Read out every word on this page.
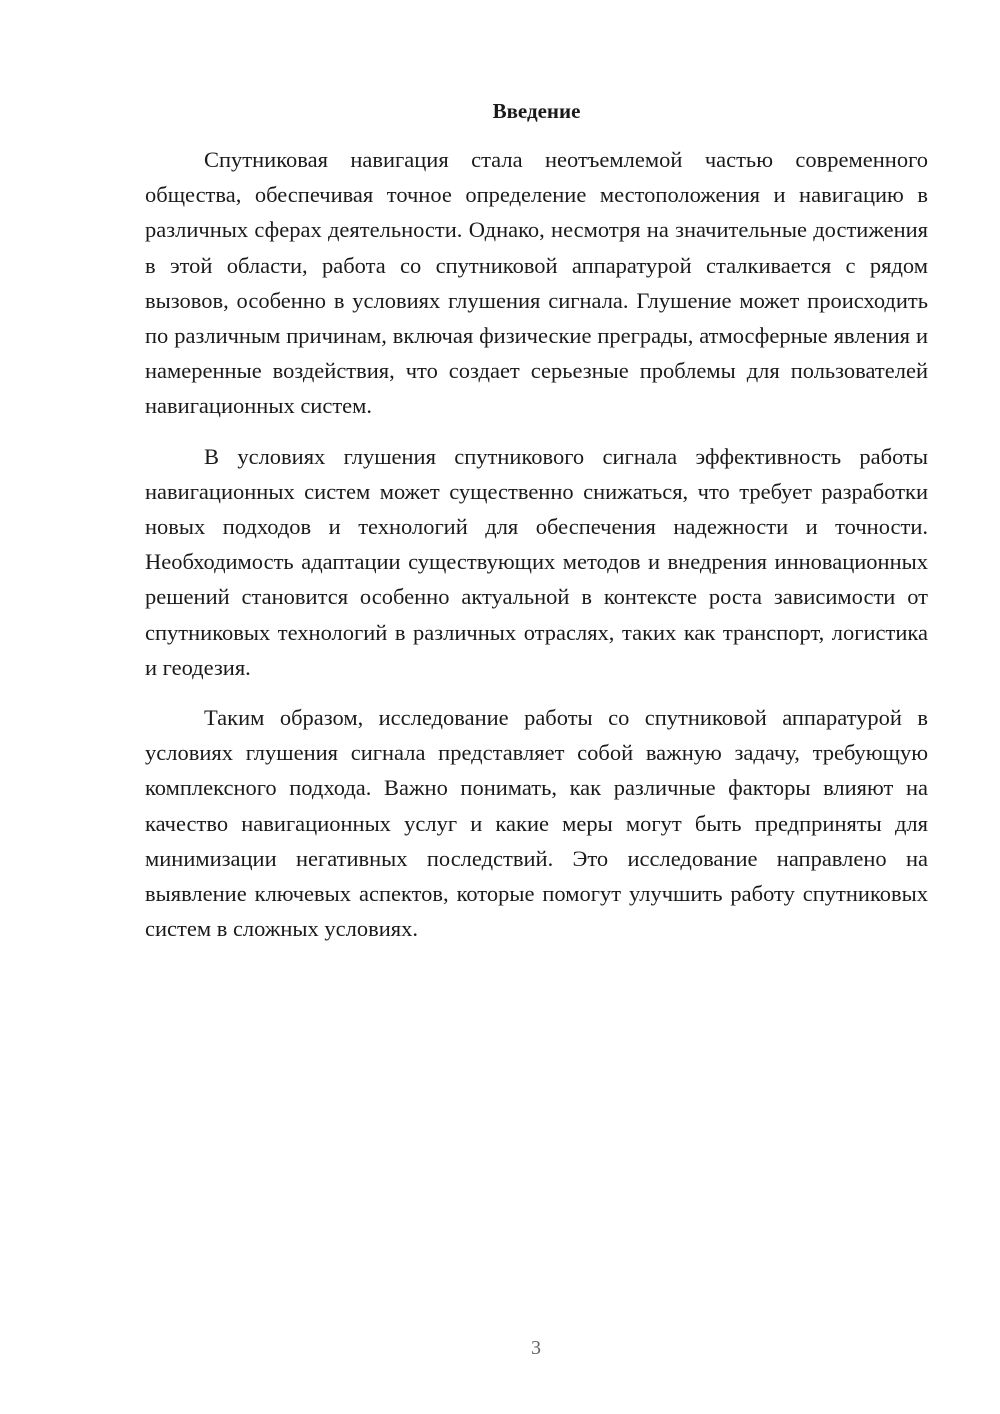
Введение

Спутниковая навигация стала неотъемлемой частью современного общества, обеспечивая точное определение местоположения и навигацию в различных сферах деятельности. Однако, несмотря на значительные достижения в этой области, работа со спутниковой аппаратурой сталкивается с рядом вызовов, особенно в условиях глушения сигнала. Глушение может происходить по различным причинам, включая физические преграды, атмосферные явления и намеренные воздействия, что создает серьезные проблемы для пользователей навигационных систем.

В условиях глушения спутникового сигнала эффективность работы навигационных систем может существенно снижаться, что требует разработки новых подходов и технологий для обеспечения надежности и точности. Необходимость адаптации существующих методов и внедрения инновационных решений становится особенно актуальной в контексте роста зависимости от спутниковых технологий в различных отраслях, таких как транспорт, логистика и геодезия.

Таким образом, исследование работы со спутниковой аппаратурой в условиях глушения сигнала представляет собой важную задачу, требующую комплексного подхода. Важно понимать, как различные факторы влияют на качество навигационных услуг и какие меры могут быть предприняты для минимизации негативных последствий. Это исследование направлено на выявление ключевых аспектов, которые помогут улучшить работу спутниковых систем в сложных условиях.

3
